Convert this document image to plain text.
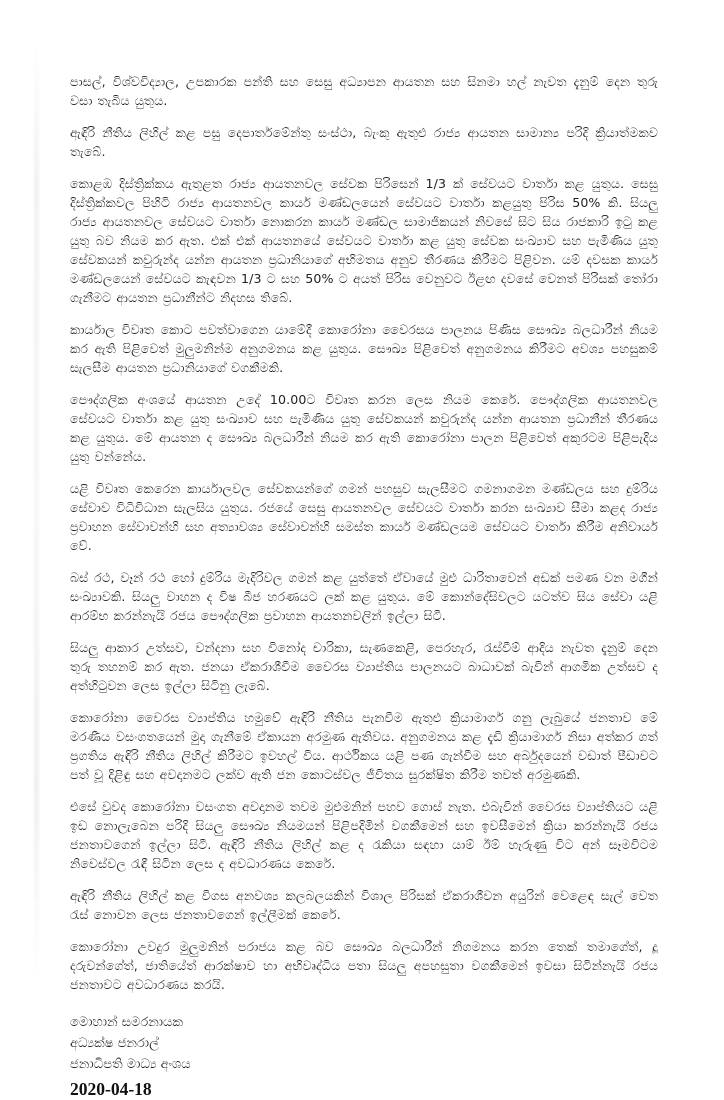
පාසල්, විශ්වවිද්‍යාල, උපකාරක පන්ති සහ සෙසු අධ්‍යාපන ආයතන සහ සිනමා හල් නැවත දැනුම් දෙන තුරු වසා තැබිය යුතුය.

ඇඳිරි නීතිය ලිහිල් කළ පසු දෙපාර්තමේන්තු සංස්ථා, බැංකු ඇතුළු රාජ්‍ය ආයතන සාමාන්‍ය පරිදි ක්‍රියාත්මකව තැබේ.

කොළඹ දිස්ත්‍රික්කය ඇතුළත රාජ්‍ය ආයතනවල සේවක පිරිසෙන් 1/3 ක් සේවයට වාර්තා කළ යුතුය. සෙසු දිස්ත්‍රික්කවල පිහිටි රාජ්‍ය ආයතනවල කාර්ය මණ්ඩලයෙන් සේවයට වාර්තා කළයුතු පිරිස 50% කි. සියලු රාජ්‍ය ආයතනවල සේවයට වාර්තා නොකරන කාර්ය මණ්ඩල සාමාජිකයන් නිවසේ සිට සිය රාජකාරි ඉටු කළ යුතු බව නියම කර ඇත. එක් එක් ආයතනයේ සේවයට වාර්තා කළ යුතු සේවක සංඛ්‍යාව සහ පැමිණිය යුතු සේවකයන් කවුරුන්ද යන්න ආයතන ප්‍රධානියාගේ අභිමතය අනුව තීරණය කිරීමට පිළිවන. යම් දවසක කාර්ය මණ්ඩලයෙන් සේවයට කැඳවන 1/3 ට සහ 50% ට අයත් පිරිස වෙනුවට ඊළඟ දවසේ වෙනත් පිරිසක් තෝරා ගැනීමට ආයතන ප්‍රධානීන්ට නිදහස තිබේ.

කාර්යාල විවෘත කොට පවත්වාගෙන යාමේදී කොරෝනා වෛරසය පාලනය පිණිස සෞඛ්‍ය බලධාරීන් නියම කර ඇති පිළිවෙත් මුලුමනින්ම අනුගමනය කළ යුතුය. සෞඛ්‍ය පිළිවෙත් අනුගමනය කිරීමට අවශ්‍ය පහසුකම් සැලසීම ආයතන ප්‍රධානියාගේ වගකීමකි.

පෞද්ගලික අංශයේ ආයතන උදේ 10.00ට විවෘත කරන ලෙස නියම කෙරේ. පෞද්ගලික ආයතනවල සේවයට වාර්තා කළ යුතු සංඛ්‍යාව සහ පැමිණිය යුතු සේවකයන් කවුරුන්ද යන්න ආයතන ප්‍රධානීන් තීරණය කළ යුතුය. මේ ආයතන ද සෞඛ්‍ය බලධාරීන් නියම කර ඇති කොරෝනා පාලන පිළිවෙත් අකුරටම පිළිපැදිය යුතු වන්නේය.

යළි විවෘත කෙරෙන කාර්යාලවල සේවකයන්ගේ ගමන් පහසුව සැලසීමට ගමනාගමන මණ්ඩලය සහ දුම්රිය සේවාව විධිවිධාන සැලසිය යුතුය. රජයේ සෙසු ආයතනවල සේවයට වාර්තා කරන සංඛ්‍යාව සීමා කළද රාජ්‍ය ප්‍රවාහන සේවාවන්හි සහ අත්‍යාවශ්‍ය සේවාවන්හි සමස්ත කාර්ය මණ්ඩලයම සේවයට වාර්තා කිරීම අනිවාර්ය වේ.

බස් රථ, වෑන් රථ හෝ දුම්රිය මැදිරිවල ගමන් කළ යුත්තේ ඒවායේ මුළු ධාරිතාවෙන් අඩක් පමණ වන මගීන් සංඛ්‍යාවකි. සියලු වාහන ද විෂ බීජ හරණයට ලක් කළ යුතුය. මේ කොන්දේසිවලට යටත්ව සිය සේවා යළි ආරම්භ කරන්නැයි රජය පෞද්ගලික ප්‍රවාහන ආයතනවලින් ඉල්ලා සිටී.

සියලු ආකාර උත්සව, වන්දනා සහ විනෝද චාරිකා, සැණකෙළි, පෙරහැර, රැස්වීම් ආදිය නැවත දැනුම් දෙන තුරු තහනම් කර ඇත. ජනයා ඒකරාශීවීම වෛරස ව්‍යාප්තිය පාලනයට බාධාවක් බැවින් ආගමික උත්සව ද අත්හිටුවන ලෙස ඉල්ලා සිටිනු ලැබේ.

කොරෝනා වෛරස ව්‍යාප්තිය හමුවේ ඇඳිරි නීතිය පැනවීම ඇතුළු ක්‍රියාමාර්ග ගනු ලැබුයේ ජනතාව මේ මරණීය වසංගතයෙන් මුදා ගැනීමේ ඒකායන අරමුණ ඇතිවය. අනුගමනය කළ දැඩි ක්‍රියාමාර්ග නිසා අත්කර ගත් ප්‍රගතිය ඇඳිරි නීතිය ලිහිල් කිරීමට ඉවහල් විය. ආර්ථිකය යළි පණ ගැන්වීම සහ අර්බුදයෙන් වඩාත් පීඩාවට පත් වූ දිළිඳු සහ අවදානමට ලක්ව ඇති ජන කොටස්වල ජීවිතය සුරක්ෂිත කිරීම තවත් අරමුණකි.

එසේ වුවද කොරෝනා වසංගත අවදානම තවම මුළුමනින් පහව ගොස් නැත. එබැවින් වෛරස ව්‍යාප්තියට යළි ඉඩ නොලැබෙන පරිදි සියලු සෞඛ්‍ය නියමයන් පිළිපදිමින් වගකීමෙන් සහ ඉවසීමෙන් ක්‍රියා කරන්නැයි රජය ජනතාවගෙන් ඉල්ලා සිටී. ඇඳිරි නීතිය ලිහිල් කළ ද රැකියා සඳහා යාම් ඊම් හැරුණු විට අන් සෑමවිටම නිවෙස්වල රැඳී සිටින ලෙස ද අවධාරණය කෙරේ.

ඇඳිරි නීතිය ලිහිල් කළ විගස අනවශ්‍ය කලබලයකින් විශාල පිරිසක් ඒකරාශීවන අයුරින් වෙළෙඳ සැල් වෙත රැස් නොවන ලෙස ජනතාවගෙන් ඉල්ලීමක් කෙරේ.

කොරෝනා උවදුර මුලුමනින් පරාජය කළ බව සෞඛ්‍ය බලධාරීන් නිගමනය කරන තෙක් තමාගේත්, දූ දරුවන්ගේත්, ජාතියේත් ආරක්ෂාව හා අභිවෘද්ධිය පතා සියලු අපහසුතා වගකීමෙන් ඉවසා සිටින්නැයි රජය ජනතාවට අවධාරණය කරයි.

මොහාන් සමරනායක

අධ්‍යක්ෂ ජනරාල්

ජනාධිපති මාධ්‍ය අංශය

2020-04-18
